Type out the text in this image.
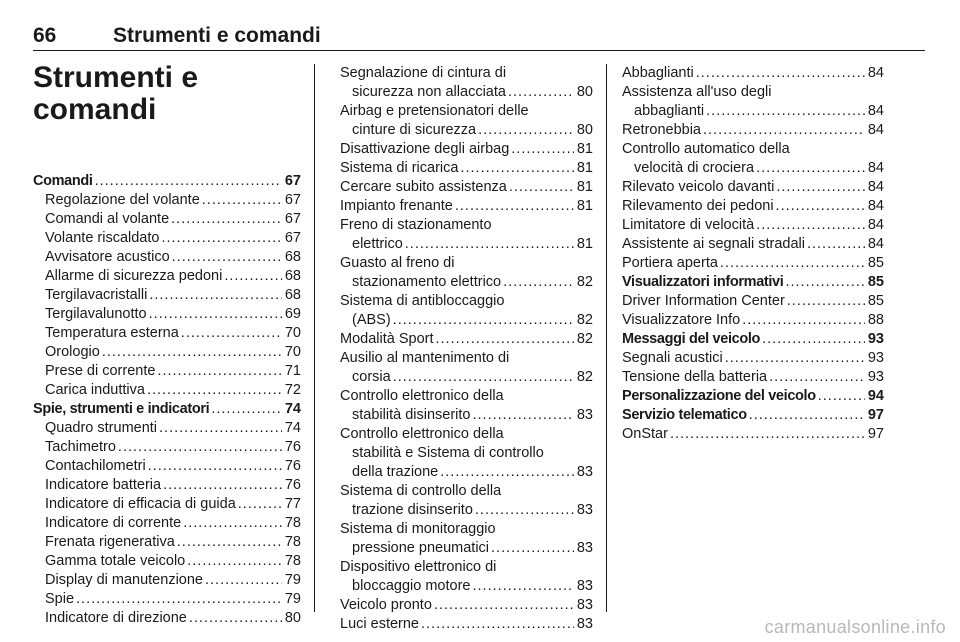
66	Strumenti e comandi
Strumenti e
comandi
Comandi .....	67
Regolazione del volante .....	67
Comandi al volante .....	67
Volante riscaldato .....	67
Avvisatore acustico .....	68
Allarme di sicurezza pedoni .....	68
Tergilavacristalli .....	68
Tergilavalunotto .....	69
Temperatura esterna .....	70
Orologio .....	70
Prese di corrente .....	71
Carica induttiva .....	72
Spie, strumenti e indicatori .....	74
Quadro strumenti .....	74
Tachimetro .....	76
Contachilometri .....	76
Indicatore batteria .....	76
Indicatore di efficacia di guida .....	77
Indicatore di corrente .....	78
Frenata rigenerativa .....	78
Gamma totale veicolo .....	78
Display di manutenzione .....	79
Spie .....	79
Indicatore di direzione .....	80
Segnalazione di cintura di
sicurezza non allacciata .....	80
Airbag e pretensionatori delle
cinture di sicurezza .....	80
Disattivazione degli airbag .....	81
Sistema di ricarica .....	81
Cercare subito assistenza .....	81
Impianto frenante .....	81
Freno di stazionamento
elettrico .....	81
Guasto al freno di
stazionamento elettrico .....	82
Sistema di antibloccaggio
(ABS) .....	82
Modalità Sport .....	82
Ausilio al mantenimento di
corsia .....	82
Controllo elettronico della
stabilità disinserito .....	83
Controllo elettronico della
stabilità e Sistema di controllo
della trazione .....	83
Sistema di controllo della
trazione disinserito .....	83
Sistema di monitoraggio
pressione pneumatici .....	83
Dispositivo elettronico di
bloccaggio motore .....	83
Veicolo pronto .....	83
Luci esterne .....	83
Abbaglianti .....	84
Assistenza all'uso degli
abbaglianti .....	84
Retronebbia .....	84
Controllo automatico della
velocità di crociera .....	84
Rilevato veicolo davanti .....	84
Rilevamento dei pedoni .....	84
Limitatore di velocità .....	84
Assistente ai segnali stradali .....	84
Portiera aperta .....	85
Visualizzatori informativi .....	85
Driver Information Center .....	85
Visualizzatore Info .....	88
Messaggi del veicolo .....	93
Segnali acustici .....	93
Tensione della batteria .....	93
Personalizzazione del veicolo .....	94
Servizio telematico .....	97
OnStar .....	97
carmanualsonline.info
